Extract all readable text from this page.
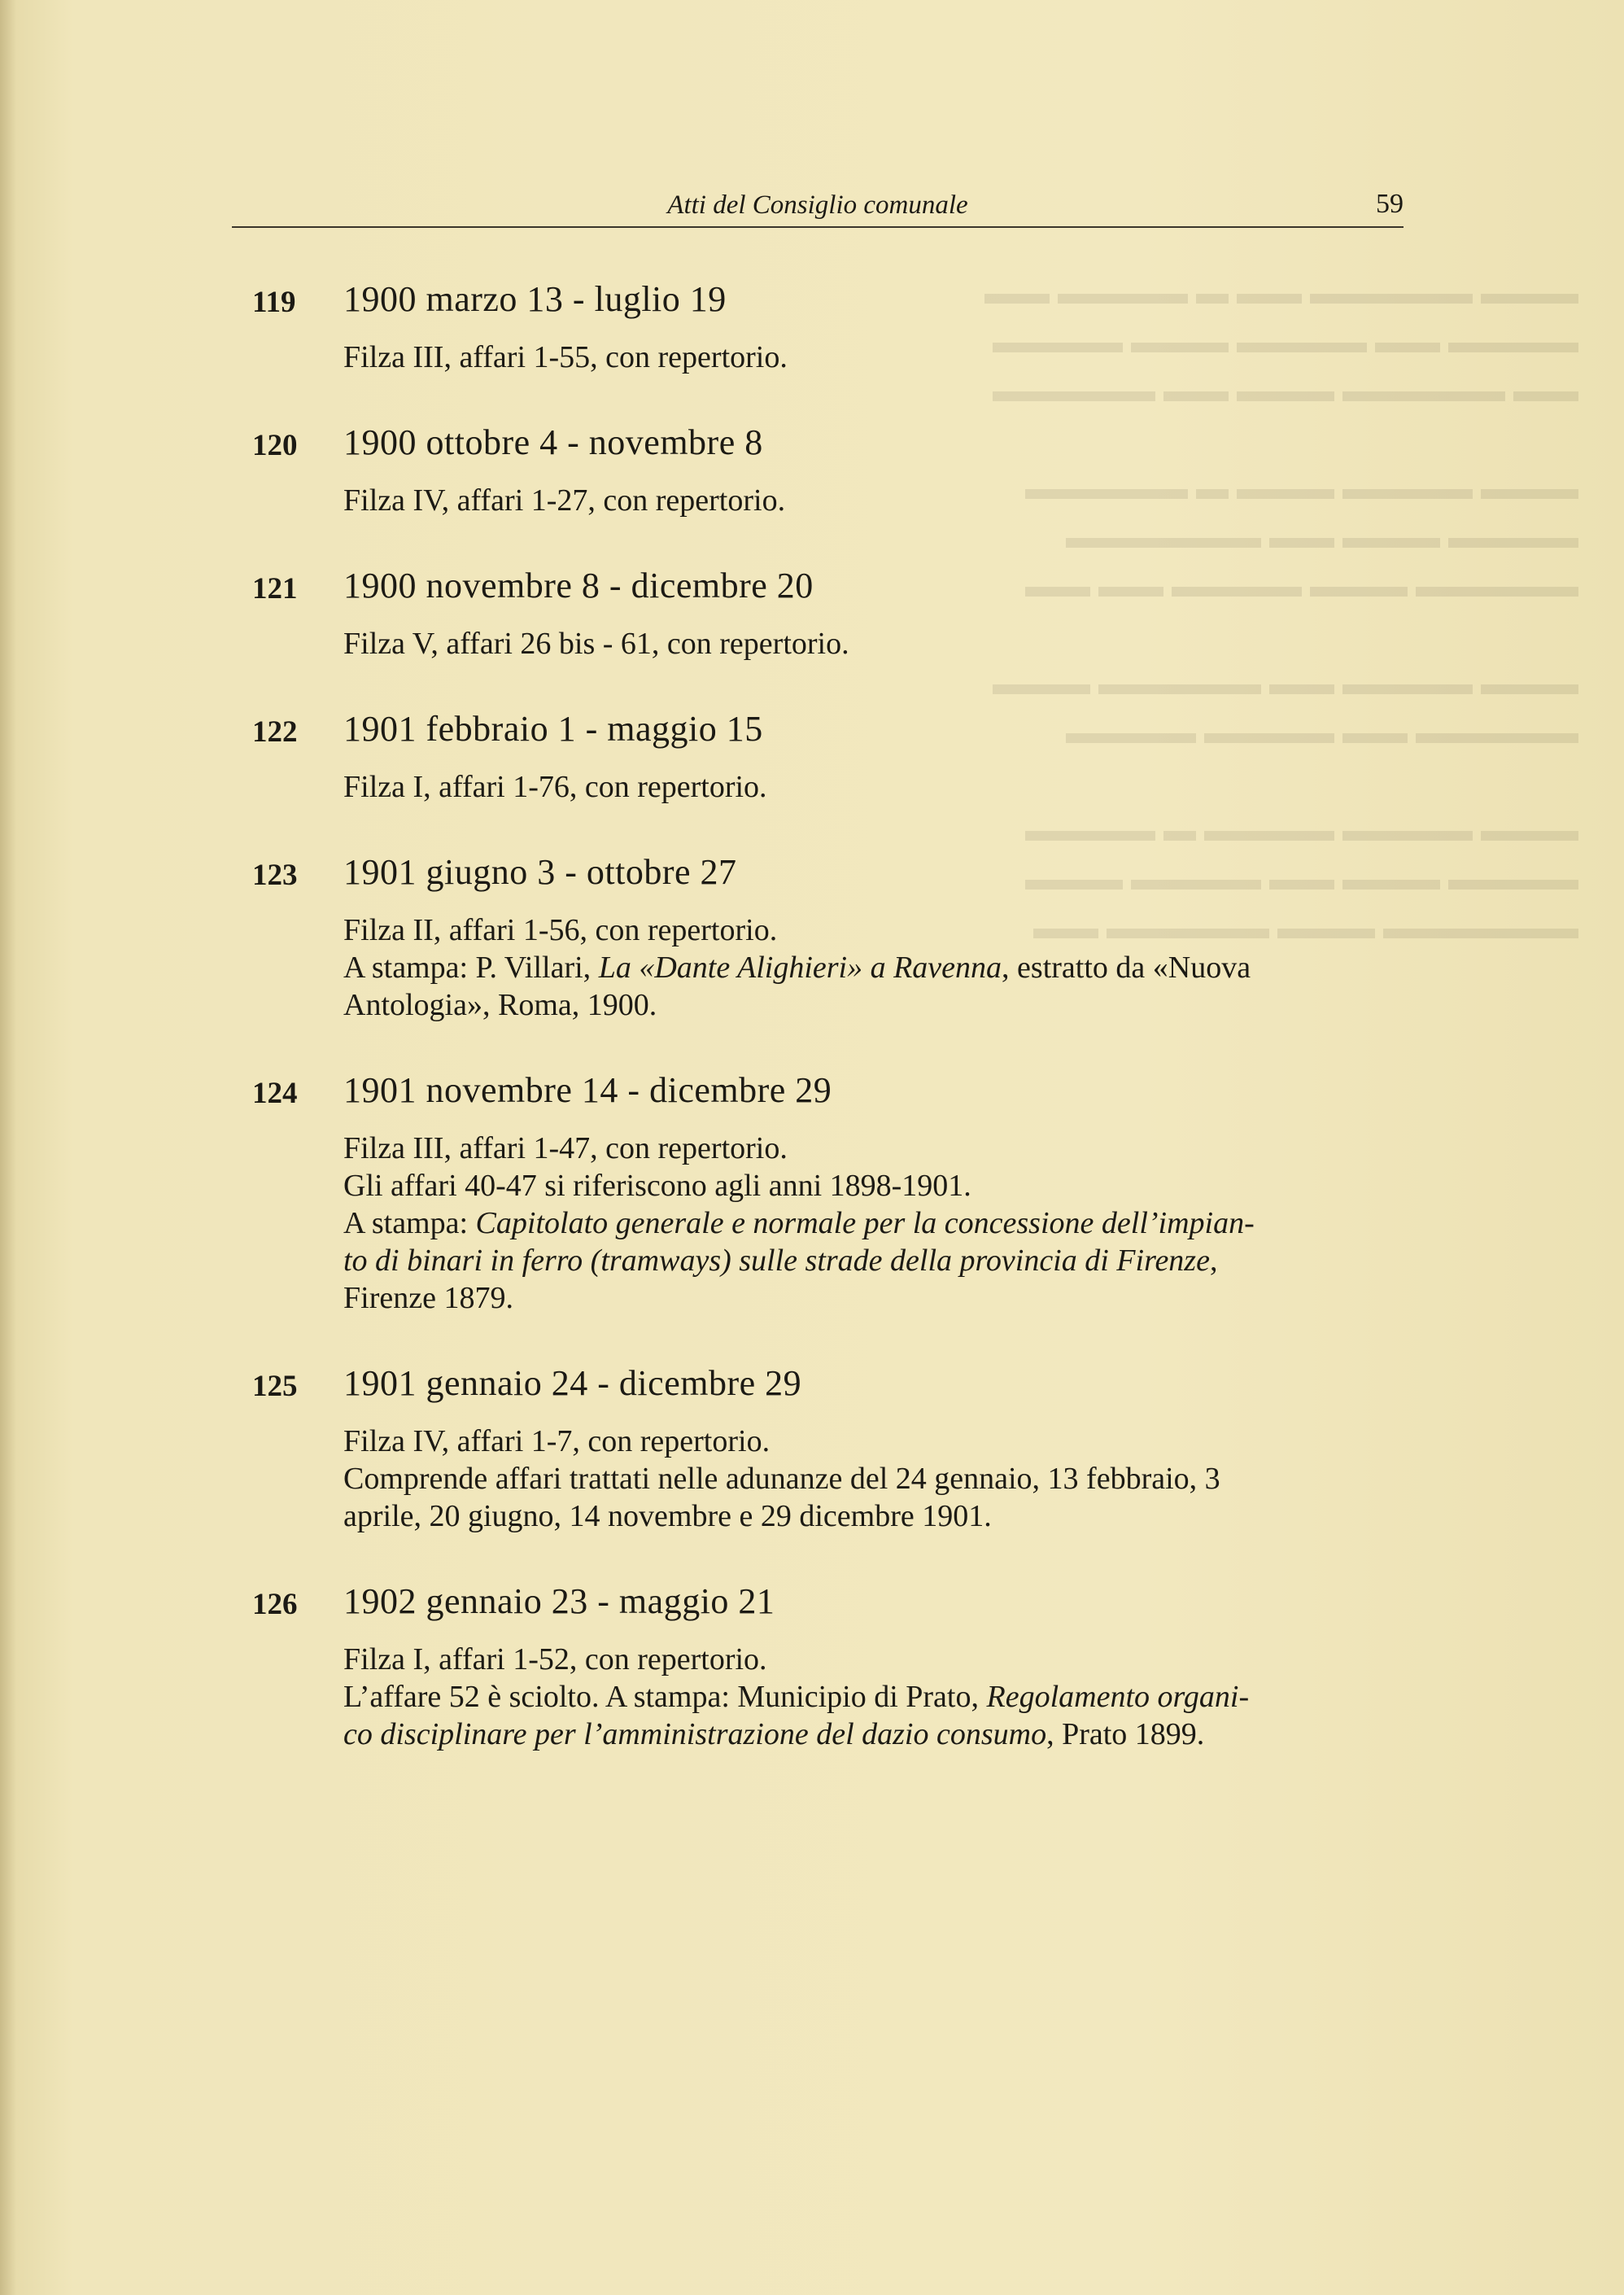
▬▬▬ ▬▬▬▬▬ ▬▬ ▬ ▬▬▬▬ ▬▬
▬▬▬▬ ▬▬ ▬▬▬▬ ▬▬▬ ▬▬▬▬
▬▬ ▬▬▬▬▬ ▬▬▬ ▬▬ ▬▬▬▬▬

▬▬▬ ▬▬▬▬ ▬▬▬ ▬ ▬▬▬▬▬
▬▬▬▬ ▬▬▬ ▬▬ ▬▬▬▬▬▬
▬▬▬▬▬ ▬▬▬ ▬▬▬▬ ▬▬ ▬▬

▬▬▬ ▬▬▬▬ ▬▬ ▬▬▬▬▬ ▬▬▬
▬▬▬▬▬ ▬▬ ▬▬▬▬ ▬▬▬▬

▬▬▬ ▬▬▬▬ ▬▬▬▬ ▬ ▬▬▬▬
▬▬▬▬ ▬▬▬ ▬▬ ▬▬▬▬ ▬▬▬
▬▬▬▬▬▬ ▬▬▬ ▬▬▬▬▬ ▬▬
Atti del Consiglio comunale	59
119 1900 marzo 13 - luglio 19
Filza III, affari 1-55, con repertorio.
120 1900 ottobre 4 - novembre 8
Filza IV, affari 1-27, con repertorio.
121 1900 novembre 8 - dicembre 20
Filza V, affari 26 bis - 61, con repertorio.
122 1901 febbraio 1 - maggio 15
Filza I, affari 1-76, con repertorio.
123 1901 giugno 3 - ottobre 27
Filza II, affari 1-56, con repertorio.
A stampa: P. Villari, La «Dante Alighieri» a Ravenna, estratto da «Nuova
Antologia», Roma, 1900.
124 1901 novembre 14 - dicembre 29
Filza III, affari 1-47, con repertorio.
Gli affari 40-47 si riferiscono agli anni 1898-1901.
A stampa: Capitolato generale e normale per la concessione dell’impian-
to di binari in ferro (tramways) sulle strade della provincia di Firenze,
Firenze 1879.
125 1901 gennaio 24 - dicembre 29
Filza IV, affari 1-7, con repertorio.
Comprende affari trattati nelle adunanze del 24 gennaio, 13 febbraio, 3
aprile, 20 giugno, 14 novembre e 29 dicembre 1901.
126 1902 gennaio 23 - maggio 21
Filza I, affari 1-52, con repertorio.
L’affare 52 è sciolto. A stampa: Municipio di Prato, Regolamento organi-
co disciplinare per l’amministrazione del dazio consumo, Prato 1899.
